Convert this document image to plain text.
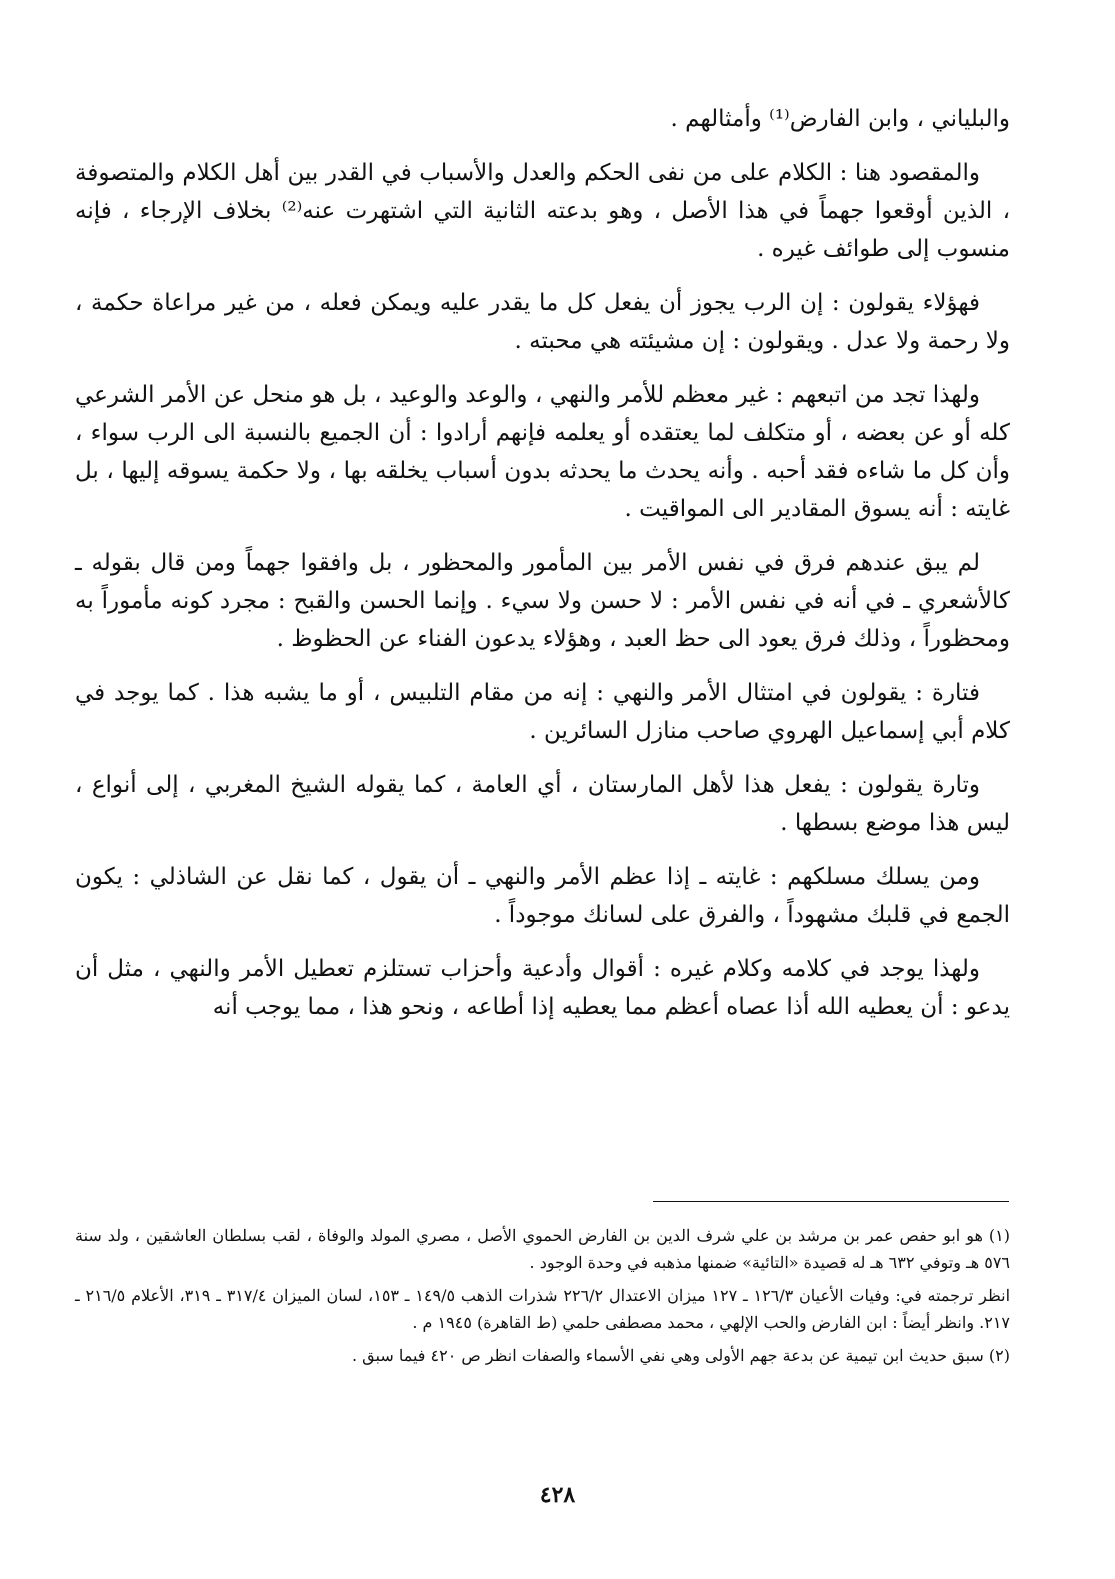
والبلياني ، وابن الفارض⁽¹⁾ وأمثالهم .

والمقصود هنا : الكلام على من نفى الحكم والعدل والأسباب في القدر بين أهل الكلام والمتصوفة ، الذين أوقعوا جهماً في هذا الأصل ، وهو بدعته الثانية التي اشتهرت عنه⁽²⁾ بخلاف الإرجاء ، فإنه منسوب إلى طوائف غيره .

فهؤلاء يقولون : إن الرب يجوز أن يفعل كل ما يقدر عليه ويمكن فعله ، من غير مراعاة حكمة ، ولا رحمة ولا عدل . ويقولون : إن مشيئته هي محبته .

ولهذا تجد من اتبعهم : غير معظم للأمر والنهي ، والوعد والوعيد ، بل هو منحل عن الأمر الشرعي كله أو عن بعضه ، أو متكلف لما يعتقده أو يعلمه فإنهم أرادوا : أن الجميع بالنسبة الى الرب سواء ، وأن كل ما شاءه فقد أحبه . وأنه يحدث ما يحدثه بدون أسباب يخلقه بها ، ولا حكمة يسوقه إليها ، بل غايته : أنه يسوق المقادير الى المواقيت .

لم يبق عندهم فرق في نفس الأمر بين المأمور والمحظور ، بل وافقوا جهماً ومن قال بقوله ـ كالأشعري ـ في أنه في نفس الأمر : لا حسن ولا سيء . وإنما الحسن والقبح : مجرد كونه مأموراً به ومحظوراً ، وذلك فرق يعود الى حظ العبد ، وهؤلاء يدعون الفناء عن الحظوظ .

فتارة : يقولون في امتثال الأمر والنهي : إنه من مقام التلبيس ، أو ما يشبه هذا . كما يوجد في كلام أبي إسماعيل الهروي صاحب منازل السائرين .

وتارة يقولون : يفعل هذا لأهل المارستان ، أي العامة ، كما يقوله الشيخ المغربي ، إلى أنواع ، ليس هذا موضع بسطها .

ومن يسلك مسلكهم : غايته ـ إذا عظم الأمر والنهي ـ أن يقول ، كما نقل عن الشاذلي : يكون الجمع في قلبك مشهوداً ، والفرق على لسانك موجوداً .

ولهذا يوجد في كلامه وكلام غيره : أقوال وأدعية وأحزاب تستلزم تعطيل الأمر والنهي ، مثل أن يدعو : أن يعطيه الله أذا عصاه أعظم مما يعطيه إذا أطاعه ، ونحو هذا ، مما يوجب أنه

(١) هو ابو حفص عمر بن مرشد بن علي شرف الدين بن الفارض الحموي الأصل ، مصري المولد والوفاة ، لقب بسلطان العاشقين ، ولد سنة ٥٧٦ هـ وتوفي ٦٣٢ هـ له قصيدة «التائية» ضمنها مذهبه في وحدة الوجود .

انظر ترجمته في: وفيات الأعيان ١٢٦/٣ ـ ١٢٧ ميزان الاعتدال ٢٢٦/٢ شذرات الذهب ١٤٩/٥ ـ ١٥٣، لسان الميزان ٣١٧/٤ ـ ٣١٩، الأعلام ٢١٦/٥ ـ ٢١٧. وانظر أيضاً : ابن الفارض والحب الإلهي ، محمد مصطفى حلمي (ط القاهرة) ١٩٤٥ م .

(٢) سبق حديث ابن تيمية عن بدعة جهم الأولى وهي نفي الأسماء والصفات انظر ص ٤٢٠ فيما سبق .

٤٢٨
